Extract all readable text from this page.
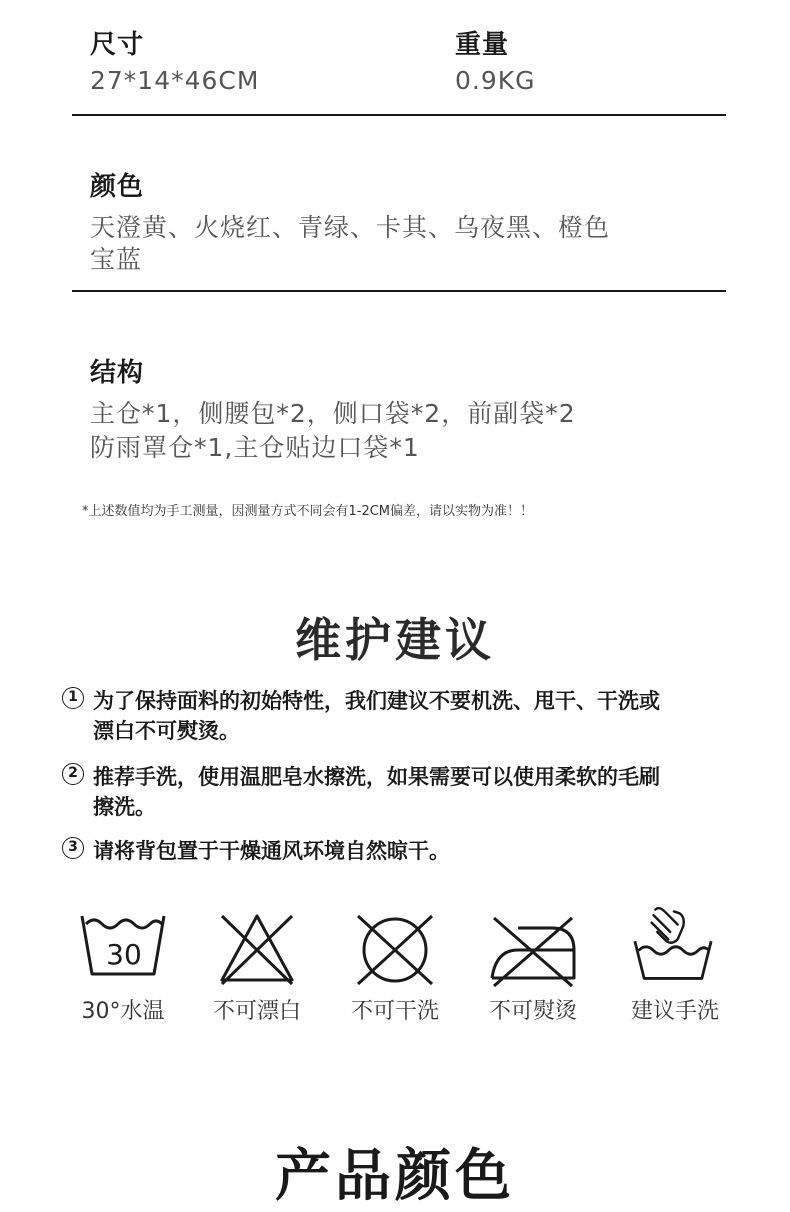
尺寸
27*14*46CM
重量
0.9KG
颜色
天澄黄、火烧红、青绿、卡其、乌夜黑、橙色
宝蓝
结构
主仓*1，侧腰包*2，侧口袋*2，前副袋*2
防雨罩仓*1,主仓贴边口袋*1
*上述数值均为手工测量，因测量方式不同会有1-2CM偏差，请以实物为准！！
维护建议
1 为了保持面料的初始特性，我们建议不要机洗、甩干、干洗或
漂白不可熨烫。
2 推荐手洗，使用温肥皂水擦洗，如果需要可以使用柔软的毛刷
擦洗。
3 请将背包置于干燥通风环境自然晾干。
30
30°水温	不可漂白	不可干洗	不可熨烫	建议手洗
产品颜色
